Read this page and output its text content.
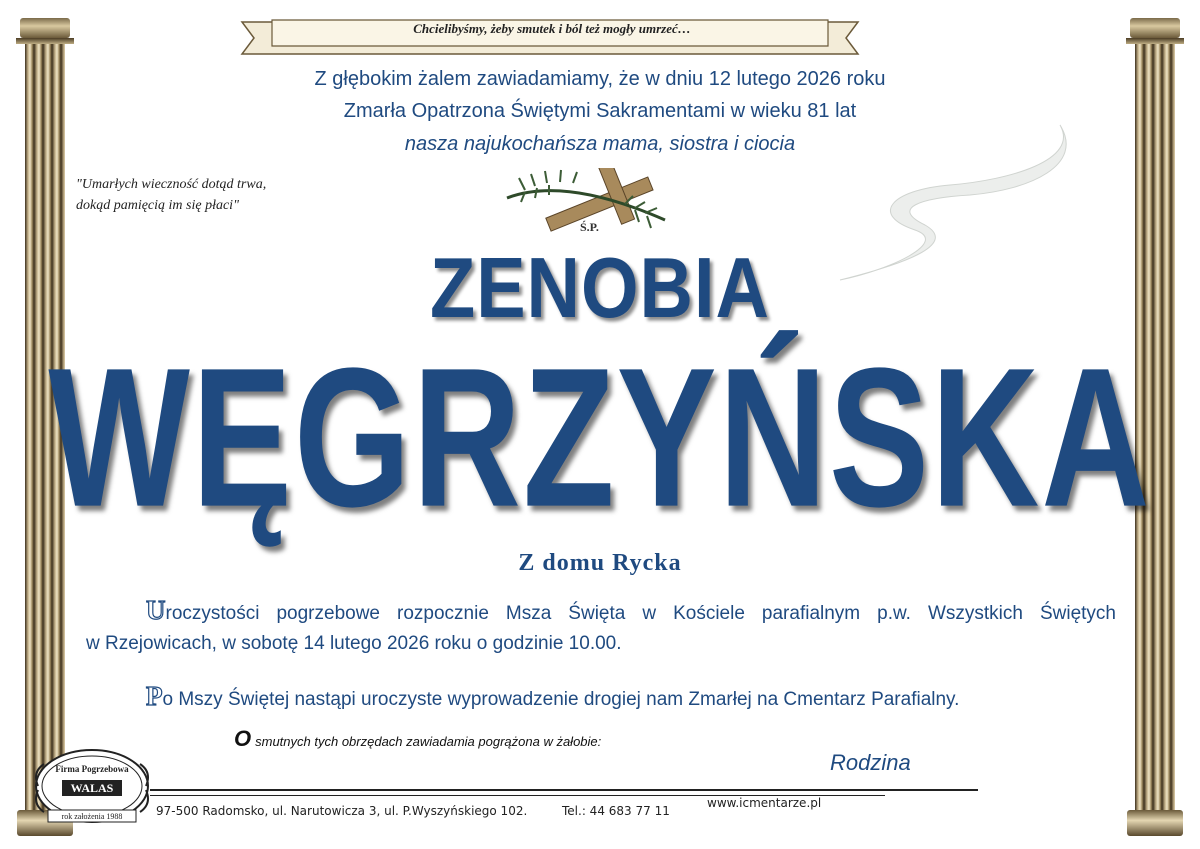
Chcielibyśmy, żeby smutek i ból też mogły umrzeć…
Z głębokim żalem zawiadamiamy, że w dniu 12 lutego 2026 roku
Zmarła Opatrzona Świętymi Sakramentami w wieku 81 lat
nasza najukochańsza mama, siostra i ciocia
"Umarłych wieczność dotąd trwa,
dokąd pamięcią im się płaci"
Ś.P.
ZENOBIA
WĘGRZYŃSKA
Z domu Rycka
Uroczystości pogrzebowe rozpocznie Msza Święta w Kościele parafialnym p.w. Wszystkich Świętych
w Rzejowicach, w sobotę 14 lutego 2026 roku o godzinie 10.00.
Po Mszy Świętej nastąpi uroczyste wyprowadzenie drogiej nam Zmarłej na Cmentarz Parafialny.
Osmutnych tych obrzędach zawiadamia pogrążona w żałobie:
Rodzina
97-500 Radomsko, ul. Narutowicza 3, ul. P.Wyszyńskiego 102.	Tel.: 44 683 77 11
www.icmentarze.pl
Firma Pogrzebowa
WALAS
rok założenia 1988
